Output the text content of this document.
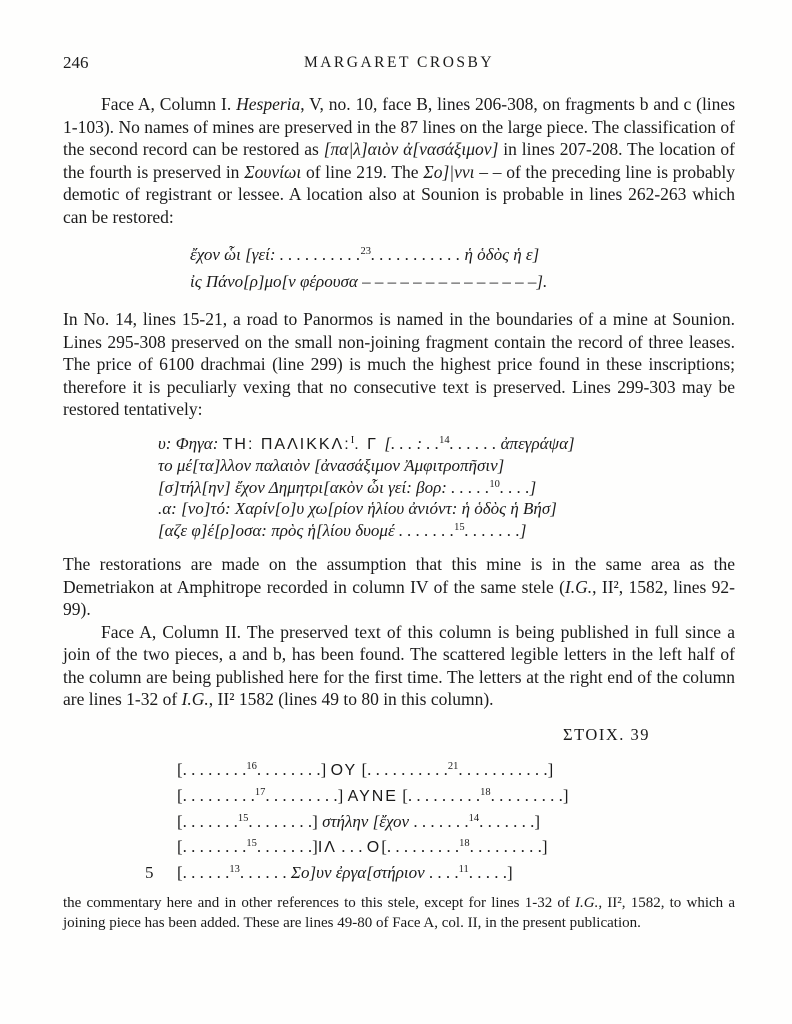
246	MARGARET CROSBY

Face A, Column I. Hesperia, V, no. 10, face B, lines 206-308, on fragments b and c (lines 1-103). No names of mines are preserved in the 87 lines on the large piece. The classification of the second record can be restored as [πα|λ]αιὸν ἀ[νασάξιμον] in lines 207-208. The location of the fourth is preserved in Σουνίωι of line 219. The Σο]|ννι – – of the preceding line is probably demotic of registrant or lessee. A location also at Sounion is probable in lines 262-263 which can be restored:

ἔχον ὧι [γεί: . . . . . . . . . .$^{23}$. . . . . . . . . . . ἡ ὁδὸς ἡ ε]
ἰς Πάνο[ρ]μο[ν φέρουσα – – – – – – – – – – – – – –].

In No. 14, lines 15-21, a road to Panormos is named in the boundaries of a mine at Sounion. Lines 295-308 preserved on the small non-joining fragment contain the record of three leases. The price of 6100 drachmai (line 299) is much the highest price found in these inscriptions; therefore it is peculiarly vexing that no consecutive text is preserved. Lines 299-303 may be restored tentatively:

υ: Φηγα: ΤΗ: ΠΑΛΙΚΚΛ:$^I$. Γ [. . . : . .$^{14}$. . . . . . ἀπεγράψα]
το μέ[τα]λλον παλαιὸν [ἀνασάξιμον Ἀμφιτροπῆσιν]
[σ]τήλ[ην] ἔχον Δημητρι[ακὸν ὧι γεί: βορ: . . . . .$^{10}$. . . .]
.α: [νο]τό: Χαρίν[ο]υ χω[ρίον ἡλίου ἀνιόντ: ἡ ὁδὸς ἡ Βήσ]
[αζε φ]έ[ρ]οσα: πρὸς ἡ[λίου δυομέ . . . . . . .$^{15}$. . . . . . .]

The restorations are made on the assumption that this mine is in the same area as the Demetriakon at Amphitrope recorded in column IV of the same stele (I.G., II², 1582, lines 92-99).

Face A, Column II. The preserved text of this column is being published in full since a join of the two pieces, a and b, has been found. The scattered legible letters in the left half of the column are being published here for the first time. The letters at the right end of the column are lines 1-32 of I.G., II² 1582 (lines 49 to 80 in this column).

ΣΤΟΙΧ. 39
[. . . . . . . .$^{16}$. . . . . . . .] ΟΥ [. . . . . . . . . .$^{21}$. . . . . . . . . . .]
[. . . . . . . . .$^{17}$. . . . . . . . .] ΑΥΝΕ [. . . . . . . . .$^{18}$. . . . . . . . .]
[. . . . . . .$^{15}$. . . . . . . .] στήλην [ἔχον . . . . . . .$^{14}$. . . . . . .]
[. . . . . . . .$^{15}$. . . . . . .]ΙΛ . . . Ο[. . . . . . . . .$^{18}$. . . . . . . . .]
5	[. . . . . .$^{13}$. . . . . . Σο]υν ἐργα[στήριον . . . .$^{11}$. . . . .]

the commentary here and in other references to this stele, except for lines 1-32 of I.G., II², 1582, to which a joining piece has been added. These are lines 49-80 of Face A, col. II, in the present publication.
